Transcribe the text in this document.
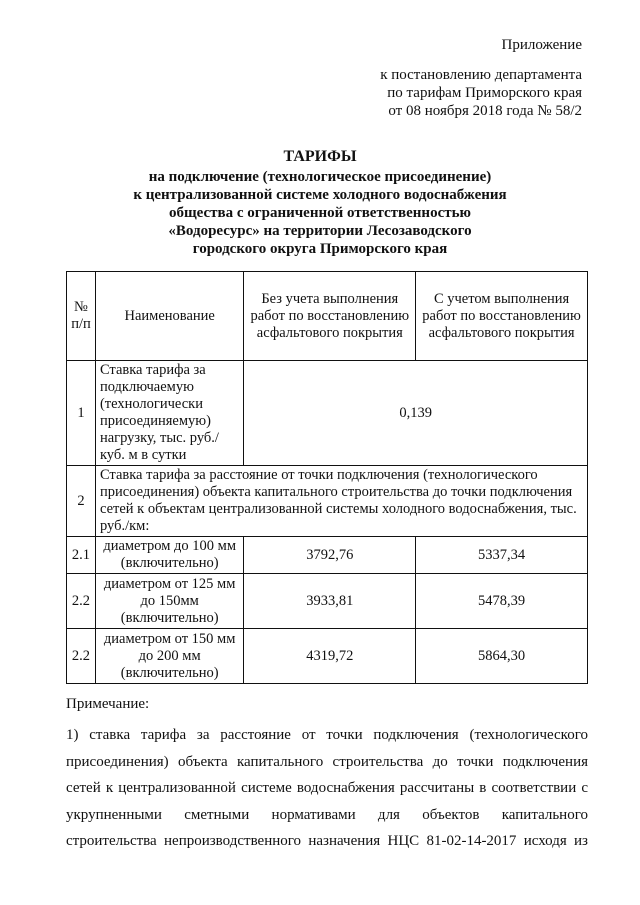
Приложение
к постановлению департамента
по тарифам Приморского края
от 08 ноября 2018 года № 58/2
ТАРИФЫ
на подключение (технологическое присоединение)
к централизованной системе холодного водоснабжения
общества с ограниченной ответственностью
«Водоресурс» на территории Лесозаводского
городского округа Приморского края
№ п/п	Наименование	Без учета выполнения работ по восстановлению асфальтового покрытия	С учетом выполнения работ по восстановлению асфальтового покрытия
1	Ставка тарифа за подключаемую (технологически присоединяемую) нагрузку, тыс. руб./куб. м в сутки	0,139	
2	Ставка тарифа за расстояние от точки подключения (технологического присоединения) объекта капитального строительства до точки подключения сетей к объектам централизованной системы холодного водоснабжения, тыс. руб./км:		
2.1	диаметром до 100 мм (включительно)	3792,76	5337,34
2.2	диаметром от 125 мм до 150мм (включительно)	3933,81	5478,39
2.2	диаметром от 150 мм до 200 мм (включительно)	4319,72	5864,30
Примечание:
1) ставка тарифа за расстояние от точки подключения (технологического
присоединения) объекта капитального строительства до точки подключения
сетей к централизованной системе водоснабжения рассчитаны в соответствии с
укрупненными сметными нормативами для объектов капитального
строительства непроизводственного назначения НЦС 81-02-14-2017 исходя из
